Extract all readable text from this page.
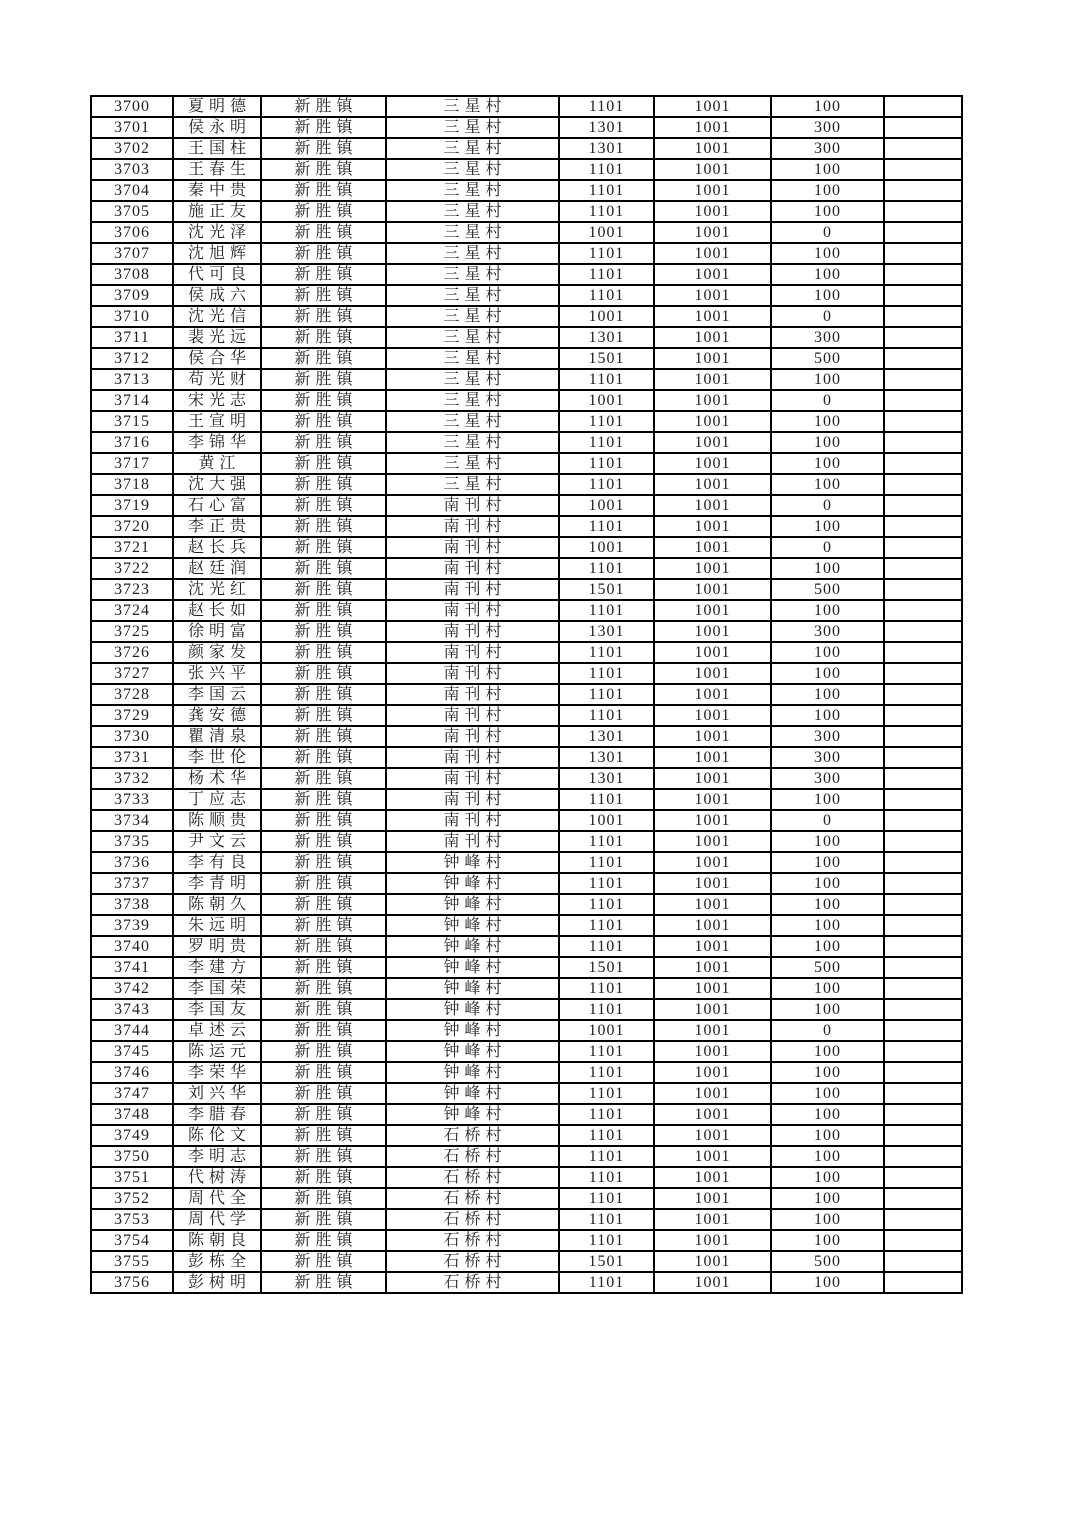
3700	夏明德	新胜镇	三星村	1101	1001	100	
3701	侯永明	新胜镇	三星村	1301	1001	300	
3702	王国柱	新胜镇	三星村	1301	1001	300	
3703	王春生	新胜镇	三星村	1101	1001	100	
3704	秦中贵	新胜镇	三星村	1101	1001	100	
3705	施正友	新胜镇	三星村	1101	1001	100	
3706	沈光泽	新胜镇	三星村	1001	1001	0	
3707	沈旭辉	新胜镇	三星村	1101	1001	100	
3708	代可良	新胜镇	三星村	1101	1001	100	
3709	侯成六	新胜镇	三星村	1101	1001	100	
3710	沈光信	新胜镇	三星村	1001	1001	0	
3711	裴光远	新胜镇	三星村	1301	1001	300	
3712	侯合华	新胜镇	三星村	1501	1001	500	
3713	苟光财	新胜镇	三星村	1101	1001	100	
3714	宋光志	新胜镇	三星村	1001	1001	0	
3715	王宣明	新胜镇	三星村	1101	1001	100	
3716	李锦华	新胜镇	三星村	1101	1001	100	
3717	黄江	新胜镇	三星村	1101	1001	100	
3718	沈大强	新胜镇	三星村	1101	1001	100	
3719	石心富	新胜镇	南刊村	1001	1001	0	
3720	李正贵	新胜镇	南刊村	1101	1001	100	
3721	赵长兵	新胜镇	南刊村	1001	1001	0	
3722	赵廷润	新胜镇	南刊村	1101	1001	100	
3723	沈光红	新胜镇	南刊村	1501	1001	500	
3724	赵长如	新胜镇	南刊村	1101	1001	100	
3725	徐明富	新胜镇	南刊村	1301	1001	300	
3726	颜家发	新胜镇	南刊村	1101	1001	100	
3727	张兴平	新胜镇	南刊村	1101	1001	100	
3728	李国云	新胜镇	南刊村	1101	1001	100	
3729	龚安德	新胜镇	南刊村	1101	1001	100	
3730	瞿清泉	新胜镇	南刊村	1301	1001	300	
3731	李世伦	新胜镇	南刊村	1301	1001	300	
3732	杨术华	新胜镇	南刊村	1301	1001	300	
3733	丁应志	新胜镇	南刊村	1101	1001	100	
3734	陈顺贵	新胜镇	南刊村	1001	1001	0	
3735	尹文云	新胜镇	南刊村	1101	1001	100	
3736	李有良	新胜镇	钟峰村	1101	1001	100	
3737	李青明	新胜镇	钟峰村	1101	1001	100	
3738	陈朝久	新胜镇	钟峰村	1101	1001	100	
3739	朱远明	新胜镇	钟峰村	1101	1001	100	
3740	罗明贵	新胜镇	钟峰村	1101	1001	100	
3741	李建方	新胜镇	钟峰村	1501	1001	500	
3742	李国荣	新胜镇	钟峰村	1101	1001	100	
3743	李国友	新胜镇	钟峰村	1101	1001	100	
3744	卓述云	新胜镇	钟峰村	1001	1001	0	
3745	陈运元	新胜镇	钟峰村	1101	1001	100	
3746	李荣华	新胜镇	钟峰村	1101	1001	100	
3747	刘兴华	新胜镇	钟峰村	1101	1001	100	
3748	李腊春	新胜镇	钟峰村	1101	1001	100	
3749	陈伦文	新胜镇	石桥村	1101	1001	100	
3750	李明志	新胜镇	石桥村	1101	1001	100	
3751	代树涛	新胜镇	石桥村	1101	1001	100	
3752	周代全	新胜镇	石桥村	1101	1001	100	
3753	周代学	新胜镇	石桥村	1101	1001	100	
3754	陈朝良	新胜镇	石桥村	1101	1001	100	
3755	彭栋全	新胜镇	石桥村	1501	1001	500	
3756	彭树明	新胜镇	石桥村	1101	1001	100	
